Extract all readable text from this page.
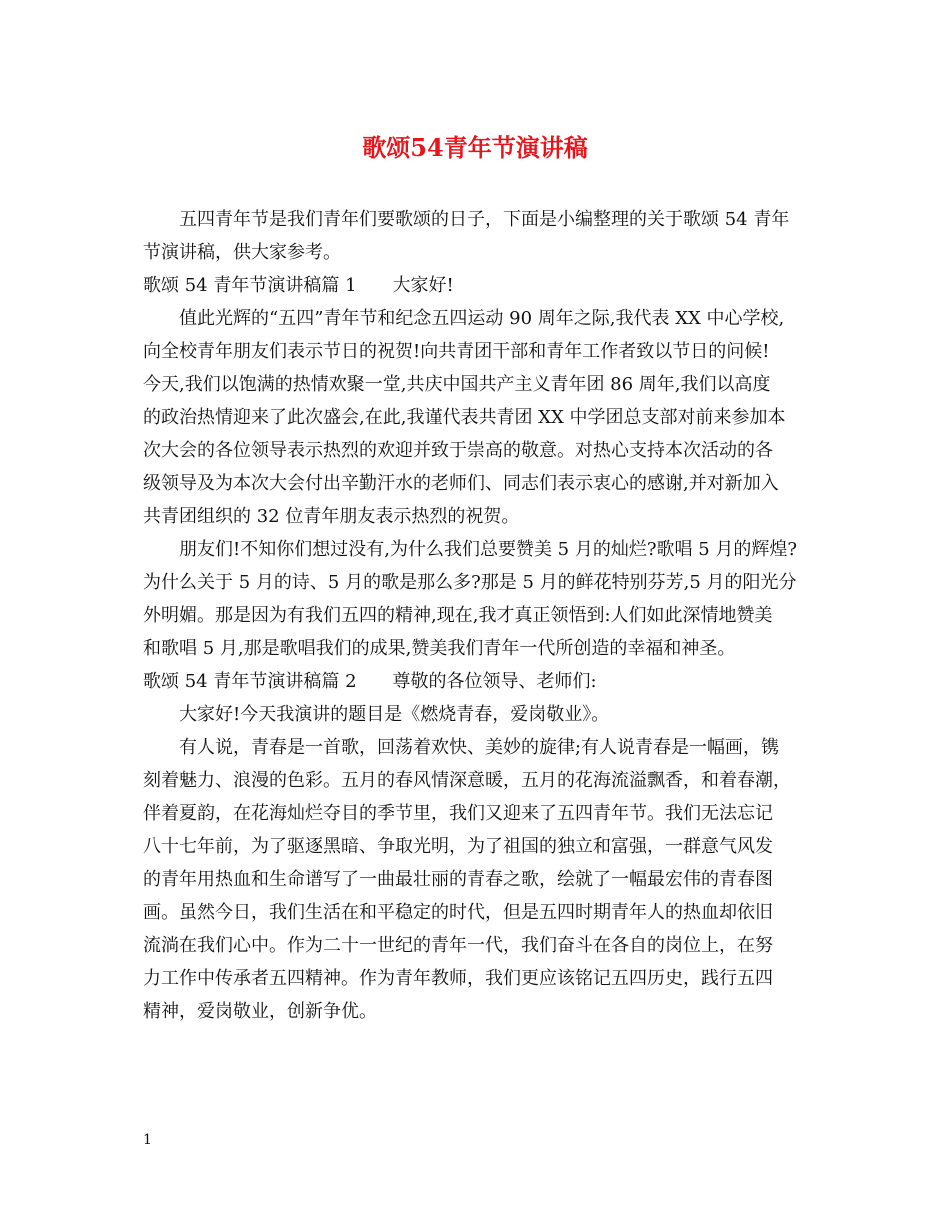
歌颂54青年节演讲稿
五四青年节是我们青年们要歌颂的日子，下面是小编整理的关于歌颂 54 青年
节演讲稿，供大家参考。
歌颂 54 青年节演讲稿篇 1　　大家好!
值此光辉的“五四”青年节和纪念五四运动 90 周年之际,我代表 XX 中心学校,
向全校青年朋友们表示节日的祝贺!向共青团干部和青年工作者致以节日的问候!
今天,我们以饱满的热情欢聚一堂,共庆中国共产主义青年团 86 周年,我们以高度
的政治热情迎来了此次盛会,在此,我谨代表共青团 XX 中学团总支部对前来参加本
次大会的各位领导表示热烈的欢迎并致于崇高的敬意。对热心支持本次活动的各
级领导及为本次大会付出辛勤汗水的老师们、同志们表示衷心的感谢,并对新加入
共青团组织的 32 位青年朋友表示热烈的祝贺。
朋友们!不知你们想过没有,为什么我们总要赞美 5 月的灿烂?歌唱 5 月的辉煌?
为什么关于 5 月的诗、5 月的歌是那么多?那是 5 月的鲜花特别芬芳,5 月的阳光分
外明媚。那是因为有我们五四的精神,现在,我才真正领悟到:人们如此深情地赞美
和歌唱 5 月,那是歌唱我们的成果,赞美我们青年一代所创造的幸福和神圣。
歌颂 54 青年节演讲稿篇 2　　尊敬的各位领导、老师们:
大家好!今天我演讲的题目是《燃烧青春，爱岗敬业》。
有人说，青春是一首歌，回荡着欢快、美妙的旋律;有人说青春是一幅画，镌
刻着魅力、浪漫的色彩。五月的春风情深意暖，五月的花海流溢飘香，和着春潮，
伴着夏韵，在花海灿烂夺目的季节里，我们又迎来了五四青年节。我们无法忘记
八十七年前，为了驱逐黑暗、争取光明，为了祖国的独立和富强，一群意气风发
的青年用热血和生命谱写了一曲最壮丽的青春之歌，绘就了一幅最宏伟的青春图
画。虽然今日，我们生活在和平稳定的时代，但是五四时期青年人的热血却依旧
流淌在我们心中。作为二十一世纪的青年一代，我们奋斗在各自的岗位上，在努
力工作中传承者五四精神。作为青年教师，我们更应该铭记五四历史，践行五四
精神，爱岗敬业，创新争优。
1
